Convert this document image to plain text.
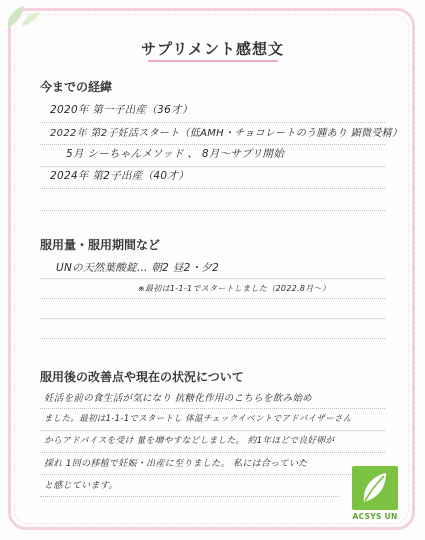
サプリメント感想文
今までの経緯
2020年 第一子出産（36才）
2022年 第2子妊活スタート（低AMH・チョコレートのう腫あり 顕微受精）
5月 シーちゃんメソッド 、 8月～サプリ開始
2024年 第2子出産（40才）
服用量・服用期間など
UNの天然葉酸錠… 朝2 昼2・夕2
※最初は1-1-1でスタートしました（2022.8月～）
服用後の改善点や現在の状況について
妊活を前の食生活が気になり 抗糖化作用のこちらを飲み始め
ました。最初は1-1-1でスタートし 体温チェックイベントでアドバイザーさん
からアドバイスを受け 量を増やすなどしました。 約1年ほどで良好卵が
採れ 1回の移植で妊娠・出産に至りました。 私には合っていた
と感じています。
ACSYS UN
